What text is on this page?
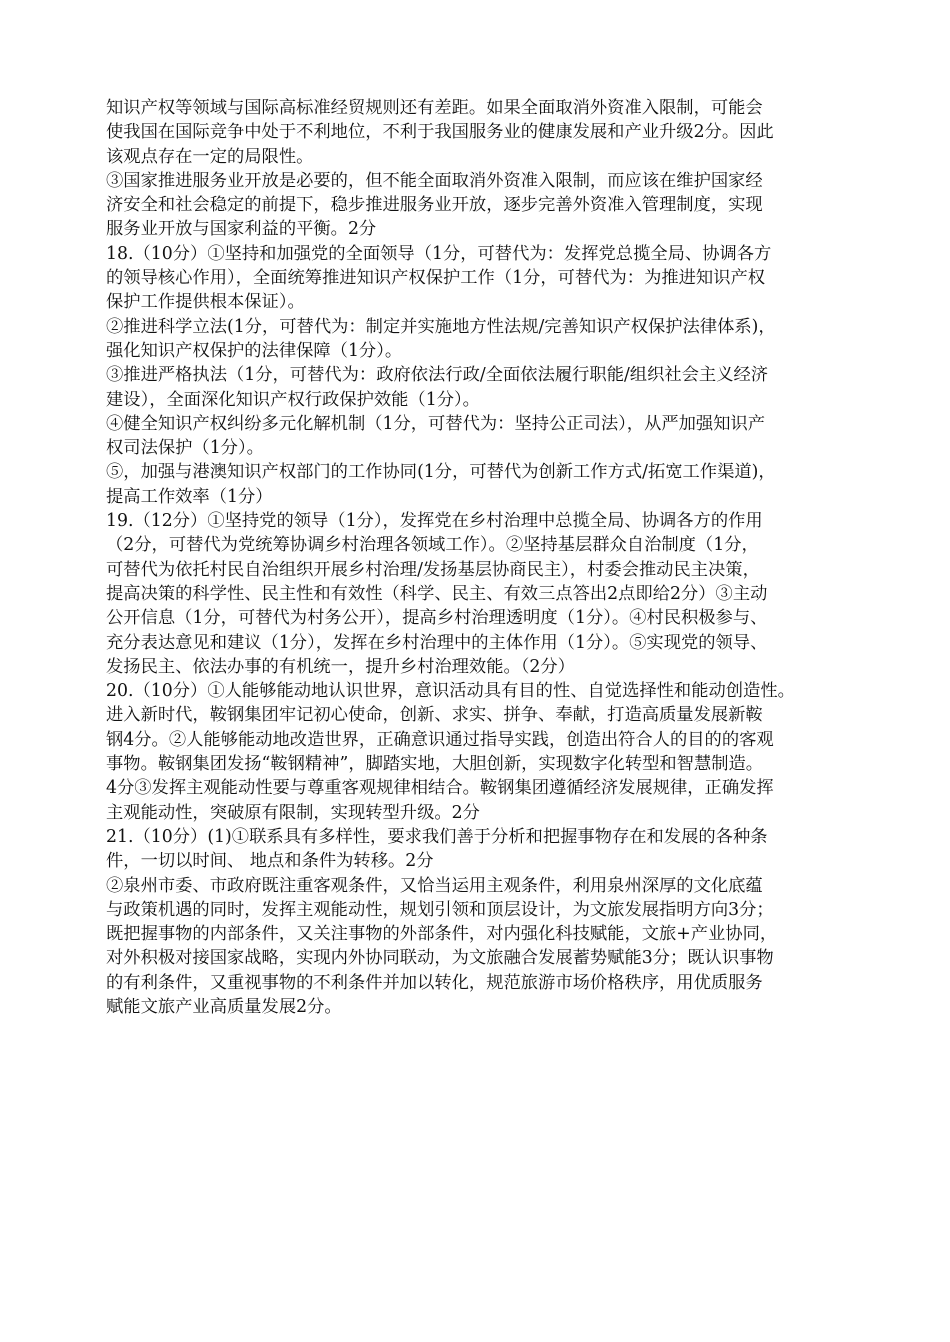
知识产权等领域与国际高标准经贸规则还有差距。如果全面取消外资准入限制，可能会
使我国在国际竞争中处于不利地位，不利于我国服务业的健康发展和产业升级2分。因此
该观点存在一定的局限性。
③国家推进服务业开放是必要的，但不能全面取消外资准入限制，而应该在维护国家经
济安全和社会稳定的前提下，稳步推进服务业开放，逐步完善外资准入管理制度，实现
服务业开放与国家利益的平衡。2分
18.（10分）①坚持和加强党的全面领导（1分，可替代为：发挥党总揽全局、协调各方
的领导核心作用），全面统筹推进知识产权保护工作（1分，可替代为：为推进知识产权
保护工作提供根本保证）。
②推进科学立法(1分，可替代为：制定并实施地方性法规/完善知识产权保护法律体系)，
强化知识产权保护的法律保障（1分）。
③推进严格执法（1分，可替代为：政府依法行政/全面依法履行职能/组织社会主义经济
建设），全面深化知识产权行政保护效能（1分）。
④健全知识产权纠纷多元化解机制（1分，可替代为：坚持公正司法），从严加强知识产
权司法保护（1分）。
⑤，加强与港澳知识产权部门的工作协同(1分，可替代为创新工作方式/拓宽工作渠道)，
提高工作效率（1分）
19.（12分）①坚持党的领导（1分），发挥党在乡村治理中总揽全局、协调各方的作用
（2分，可替代为党统筹协调乡村治理各领域工作）。②坚持基层群众自治制度（1分，
可替代为依托村民自治组织开展乡村治理/发扬基层协商民主），村委会推动民主决策，
提高决策的科学性、民主性和有效性（科学、民主、有效三点答出2点即给2分）③主动
公开信息（1分，可替代为村务公开），提高乡村治理透明度（1分）。④村民积极参与、
充分表达意见和建议（1分），发挥在乡村治理中的主体作用（1分）。⑤实现党的领导、
发扬民主、依法办事的有机统一，提升乡村治理效能。（2分）
20.（10分）①人能够能动地认识世界，意识活动具有目的性、自觉选择性和能动创造性。
进入新时代，鞍钢集团牢记初心使命，创新、求实、拼争、奉献，打造高质量发展新鞍
钢4分。②人能够能动地改造世界，正确意识通过指导实践，创造出符合人的目的的客观
事物。鞍钢集团发扬“鞍钢精神”，脚踏实地，大胆创新，实现数字化转型和智慧制造。
4分③发挥主观能动性要与尊重客观规律相结合。鞍钢集团遵循经济发展规律，正确发挥
主观能动性，突破原有限制，实现转型升级。2分
21.（10分）(1)①联系具有多样性，要求我们善于分析和把握事物存在和发展的各种条
件，一切以时间、 地点和条件为转移。2分
②泉州市委、市政府既注重客观条件，又恰当运用主观条件，利用泉州深厚的文化底蕴
与政策机遇的同时，发挥主观能动性，规划引领和顶层设计，为文旅发展指明方向3分；
既把握事物的内部条件，又关注事物的外部条件，对内强化科技赋能，文旅+产业协同，
对外积极对接国家战略，实现内外协同联动，为文旅融合发展蓄势赋能3分；既认识事物
的有利条件，又重视事物的不利条件并加以转化，规范旅游市场价格秩序，用优质服务
赋能文旅产业高质量发展2分。
